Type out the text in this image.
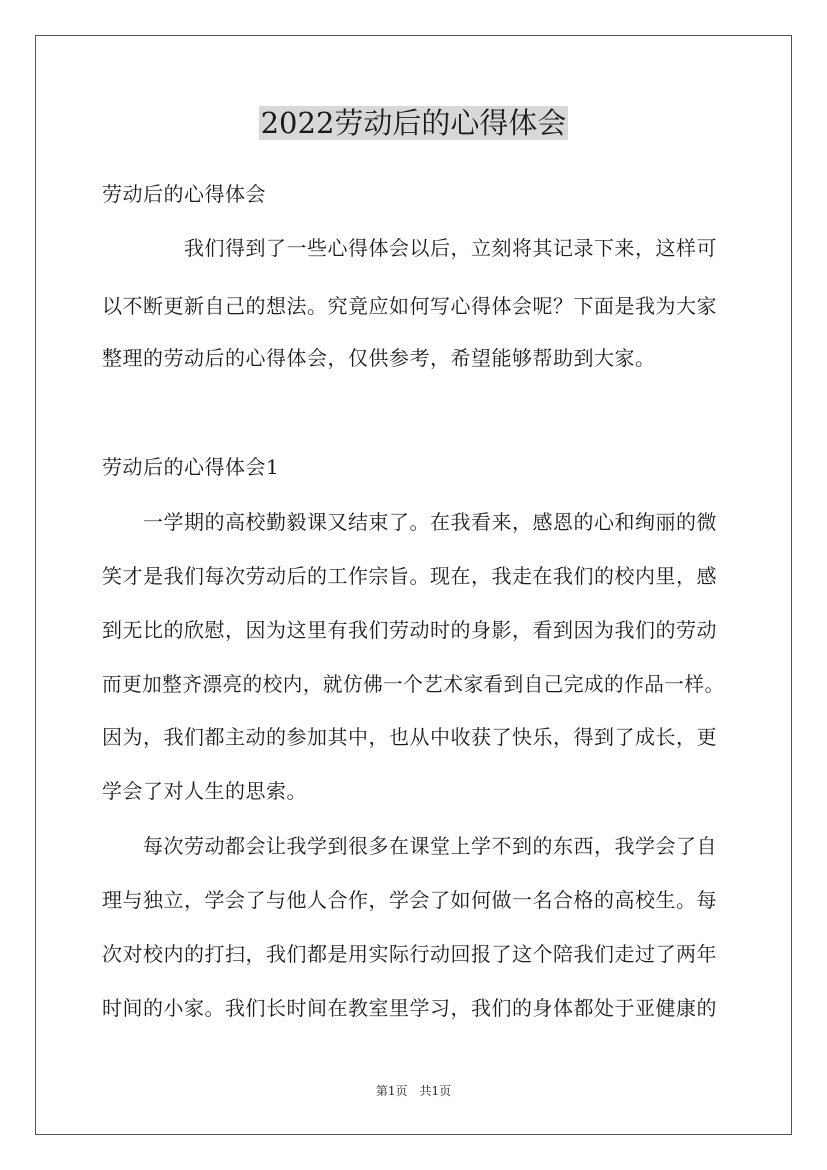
2022劳动后的心得体会
劳动后的心得体会
我们得到了一些心得体会以后，立刻将其记录下来，这样可
以不断更新自己的想法。究竟应如何写心得体会呢？下面是我为大家
整理的劳动后的心得体会，仅供参考，希望能够帮助到大家。
劳动后的心得体会1
一学期的高校勤毅课又结束了。在我看来，感恩的心和绚丽的微
笑才是我们每次劳动后的工作宗旨。现在，我走在我们的校内里，感
到无比的欣慰，因为这里有我们劳动时的身影，看到因为我们的劳动
而更加整齐漂亮的校内，就仿佛一个艺术家看到自己完成的作品一样。
因为，我们都主动的参加其中，也从中收获了快乐，得到了成长，更
学会了对人生的思索。
每次劳动都会让我学到很多在课堂上学不到的东西，我学会了自
理与独立，学会了与他人合作，学会了如何做一名合格的高校生。每
次对校内的打扫，我们都是用实际行动回报了这个陪我们走过了两年
时间的小家。我们长时间在教室里学习，我们的身体都处于亚健康的
第1页　共1页
